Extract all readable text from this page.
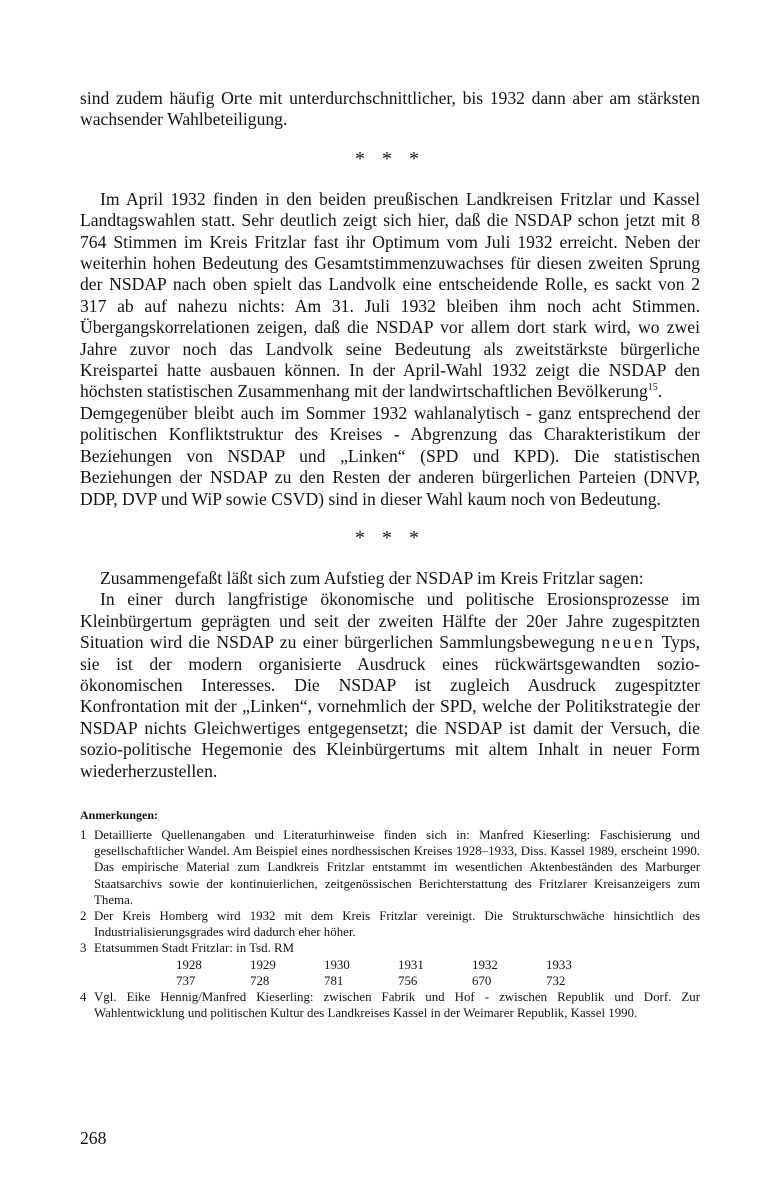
sind zudem häufig Orte mit unterdurchschnittlicher, bis 1932 dann aber am stärksten wachsender Wahlbeteiligung.

* * *

Im April 1932 finden in den beiden preußischen Landkreisen Fritzlar und Kassel Landtagswahlen statt. Sehr deutlich zeigt sich hier, daß die NSDAP schon jetzt mit 8 764 Stimmen im Kreis Fritzlar fast ihr Optimum vom Juli 1932 erreicht. Neben der weiterhin hohen Bedeutung des Gesamtstimmenzuwachses für diesen zweiten Sprung der NSDAP nach oben spielt das Landvolk eine entscheidende Rolle, es sackt von 2 317 ab auf nahezu nichts: Am 31. Juli 1932 bleiben ihm noch acht Stimmen. Übergangskorrelationen zeigen, daß die NSDAP vor allem dort stark wird, wo zwei Jahre zuvor noch das Landvolk seine Bedeutung als zweitstärkste bürgerliche Kreispartei hatte ausbauen können. In der April-Wahl 1932 zeigt die NSDAP den höchsten statistischen Zusammenhang mit der landwirtschaftlichen Bevölkerung$^{15}$.

Demgegenüber bleibt auch im Sommer 1932 wahlanalytisch - ganz entsprechend der politischen Konfliktstruktur des Kreises - Abgrenzung das Charakteristikum der Beziehungen von NSDAP und „Linken“ (SPD und KPD). Die statistischen Beziehungen der NSDAP zu den Resten der anderen bürgerlichen Parteien (DNVP, DDP, DVP und WiP sowie CSVD) sind in dieser Wahl kaum noch von Bedeutung.

* * *

Zusammengefaßt läßt sich zum Aufstieg der NSDAP im Kreis Fritzlar sagen:

In einer durch langfristige ökonomische und politische Erosionsprozesse im Kleinbürgertum geprägten und seit der zweiten Hälfte der 20er Jahre zugespitzten Situation wird die NSDAP zu einer bürgerlichen Sammlungsbewegung neuen Typs, sie ist der modern organisierte Ausdruck eines rückwärtsgewandten sozio-ökonomischen Interesses. Die NSDAP ist zugleich Ausdruck zugespitzter Konfrontation mit der „Linken“, vornehmlich der SPD, welche der Politikstrategie der NSDAP nichts Gleichwertiges entgegensetzt; die NSDAP ist damit der Versuch, die sozio-politische Hegemonie des Kleinbürgertums mit altem Inhalt in neuer Form wiederherzustellen.

Anmerkungen:
1 Detaillierte Quellenangaben und Literaturhinweise finden sich in: Manfred Kieserling: Faschisierung und gesellschaftlicher Wandel. Am Beispiel eines nordhessischen Kreises 1928–1933, Diss. Kassel 1989, erscheint 1990. Das empirische Material zum Landkreis Fritzlar entstammt im wesentlichen Aktenbeständen des Marburger Staatsarchivs sowie der kontinuierlichen, zeitgenössischen Berichterstattung des Fritzlarer Kreisanzeigers zum Thema.
2 Der Kreis Homberg wird 1932 mit dem Kreis Fritzlar vereinigt. Die Strukturschwäche hinsichtlich des Industrialisierungsgrades wird dadurch eher höher.
3 Etatsummen Stadt Fritzlar: in Tsd. RM
1928	1929	1930	1931	1932	1933
737	728	781	756	670	732
4 Vgl. Eike Hennig/Manfred Kieserling: zwischen Fabrik und Hof - zwischen Republik und Dorf. Zur Wahlentwicklung und politischen Kultur des Landkreises Kassel in der Weimarer Republik, Kassel 1990.
268
